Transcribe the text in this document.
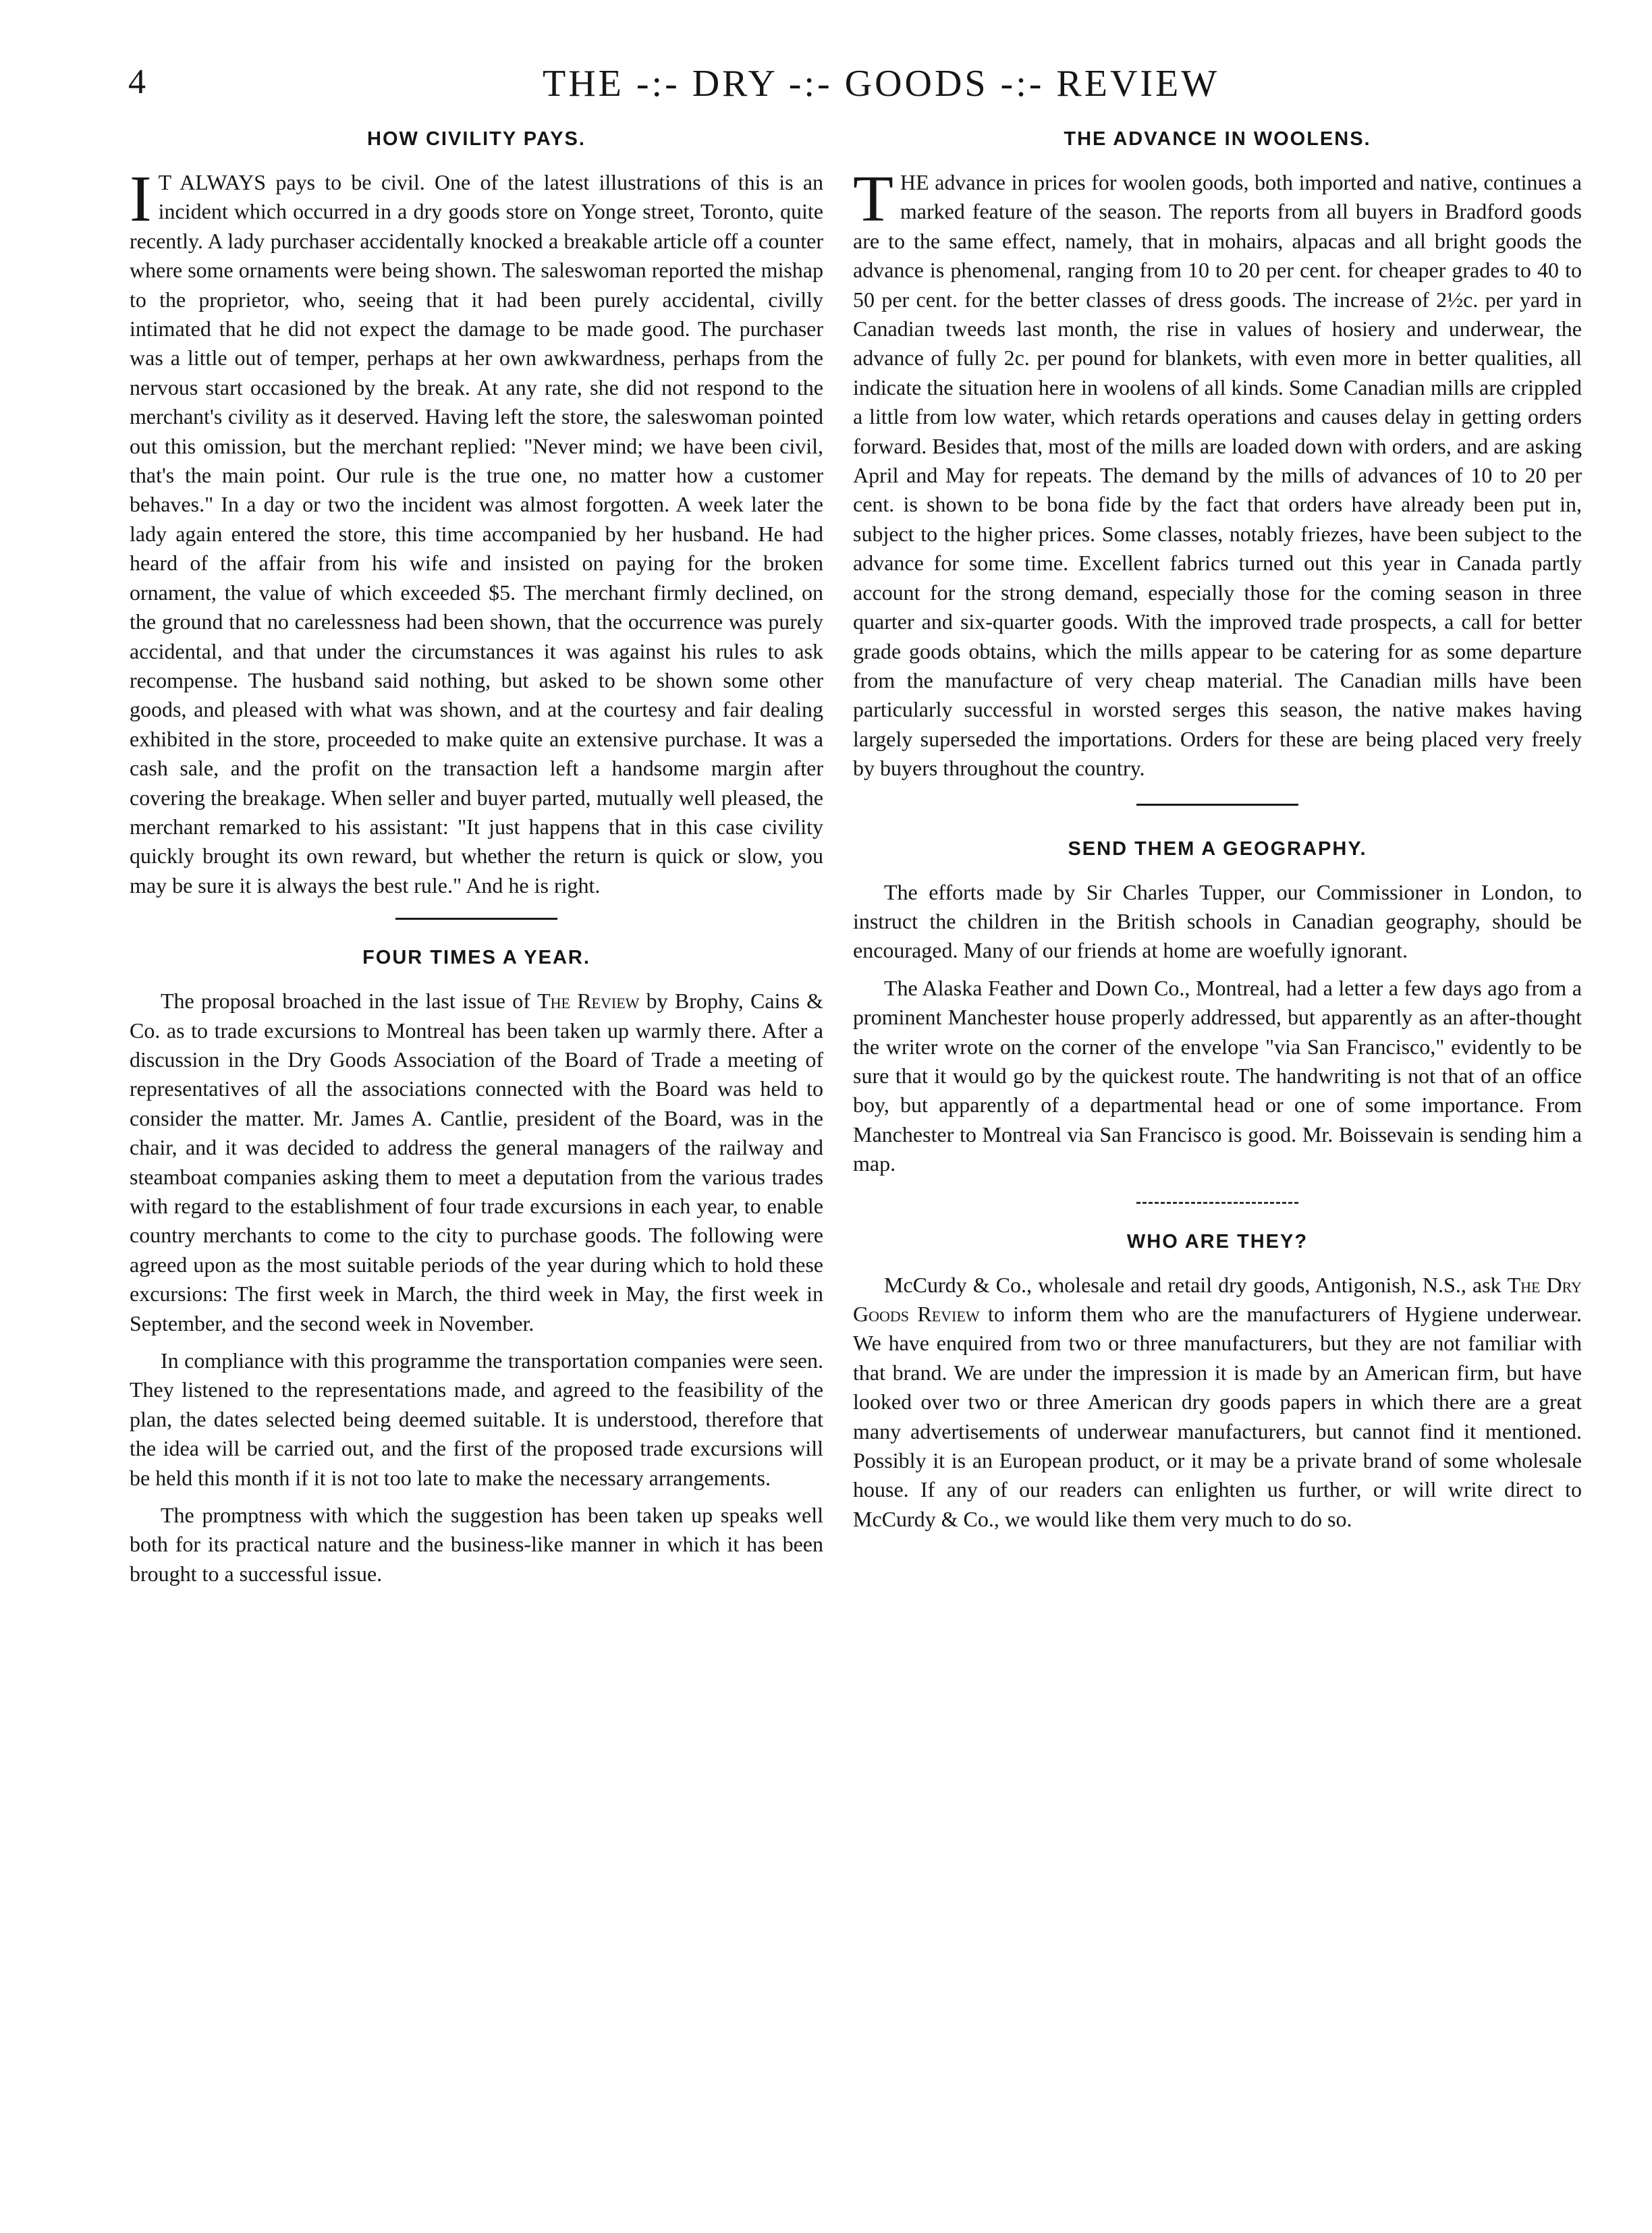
4	THE -:- DRY -:- GOODS -:- REVIEW
HOW CIVILITY PAYS.

I T ALWAYS pays to be civil. One of the latest illustrations of this is an incident which occurred in a dry goods store on Yonge street, Toronto, quite recently. A lady purchaser accidentally knocked a breakable article off a counter where some ornaments were being shown. The saleswoman reported the mishap to the proprietor, who, seeing that it had been purely accidental, civilly intimated that he did not expect the damage to be made good. The purchaser was a little out of temper, perhaps at her own awkwardness, perhaps from the nervous start occasioned by the break. At any rate, she did not respond to the merchant's civility as it deserved. Having left the store, the saleswoman pointed out this omission, but the merchant replied: "Never mind; we have been civil, that's the main point. Our rule is the true one, no matter how a customer behaves." In a day or two the incident was almost forgotten. A week later the lady again entered the store, this time accompanied by her husband. He had heard of the affair from his wife and insisted on paying for the broken ornament, the value of which exceeded $5. The merchant firmly declined, on the ground that no carelessness had been shown, that the occurrence was purely accidental, and that under the circumstances it was against his rules to ask recompense. The husband said nothing, but asked to be shown some other goods, and pleased with what was shown, and at the courtesy and fair dealing exhibited in the store, proceeded to make quite an extensive purchase. It was a cash sale, and the profit on the transaction left a handsome margin after covering the breakage. When seller and buyer parted, mutually well pleased, the merchant remarked to his assistant: "It just happens that in this case civility quickly brought its own reward, but whether the return is quick or slow, you may be sure it is always the best rule." And he is right.

FOUR TIMES A YEAR.

The proposal broached in the last issue of The Review by Brophy, Cains & Co. as to trade excursions to Montreal has been taken up warmly there. After a discussion in the Dry Goods Association of the Board of Trade a meeting of representatives of all the associations connected with the Board was held to consider the matter. Mr. James A. Cantlie, president of the Board, was in the chair, and it was decided to address the general managers of the railway and steamboat companies asking them to meet a deputation from the various trades with regard to the establishment of four trade excursions in each year, to enable country merchants to come to the city to purchase goods. The following were agreed upon as the most suitable periods of the year during which to hold these excursions: The first week in March, the third week in May, the first week in September, and the second week in November.

In compliance with this programme the transportation companies were seen. They listened to the representations made, and agreed to the feasibility of the plan, the dates selected being deemed suitable. It is understood, therefore that the idea will be carried out, and the first of the proposed trade excursions will be held this month if it is not too late to make the necessary arrangements.

The promptness with which the suggestion has been taken up speaks well both for its practical nature and the business-like manner in which it has been brought to a successful issue.

THE ADVANCE IN WOOLENS.

THE advance in prices for woolen goods, both imported and native, continues a marked feature of the season. The reports from all buyers in Bradford goods are to the same effect, namely, that in mohairs, alpacas and all bright goods the advance is phenomenal, ranging from 10 to 20 per cent. for cheaper grades to 40 to 50 per cent. for the better classes of dress goods. The increase of 2½c. per yard in Canadian tweeds last month, the rise in values of hosiery and underwear, the advance of fully 2c. per pound for blankets, with even more in better qualities, all indicate the situation here in woolens of all kinds. Some Canadian mills are crippled a little from low water, which retards operations and causes delay in getting orders forward. Besides that, most of the mills are loaded down with orders, and are asking April and May for repeats. The demand by the mills of advances of 10 to 20 per cent. is shown to be bona fide by the fact that orders have already been put in, subject to the higher prices. Some classes, notably friezes, have been subject to the advance for some time. Excellent fabrics turned out this year in Canada partly account for the strong demand, especially those for the coming season in three quarter and six-quarter goods. With the improved trade prospects, a call for better grade goods obtains, which the mills appear to be catering for as some departure from the manufacture of very cheap material. The Canadian mills have been particularly successful in worsted serges this season, the native makes having largely superseded the importations. Orders for these are being placed very freely by buyers throughout the country.

SEND THEM A GEOGRAPHY.

The efforts made by Sir Charles Tupper, our Commissioner in London, to instruct the children in the British schools in Canadian geography, should be encouraged. Many of our friends at home are woefully ignorant.

The Alaska Feather and Down Co., Montreal, had a letter a few days ago from a prominent Manchester house properly addressed, but apparently as an after-thought the writer wrote on the corner of the envelope "via San Francisco," evidently to be sure that it would go by the quickest route. The handwriting is not that of an office boy, but apparently of a departmental head or one of some importance. From Manchester to Montreal via San Francisco is good. Mr. Boissevain is sending him a map.

WHO ARE THEY?

McCurdy & Co., wholesale and retail dry goods, Antigonish, N.S., ask The Dry Goods Review to inform them who are the manufacturers of Hygiene underwear. We have enquired from two or three manufacturers, but they are not familiar with that brand. We are under the impression it is made by an American firm, but have looked over two or three American dry goods papers in which there are a great many advertisements of underwear manufacturers, but cannot find it mentioned. Possibly it is an European product, or it may be a private brand of some wholesale house. If any of our readers can enlighten us further, or will write direct to McCurdy & Co., we would like them very much to do so.
